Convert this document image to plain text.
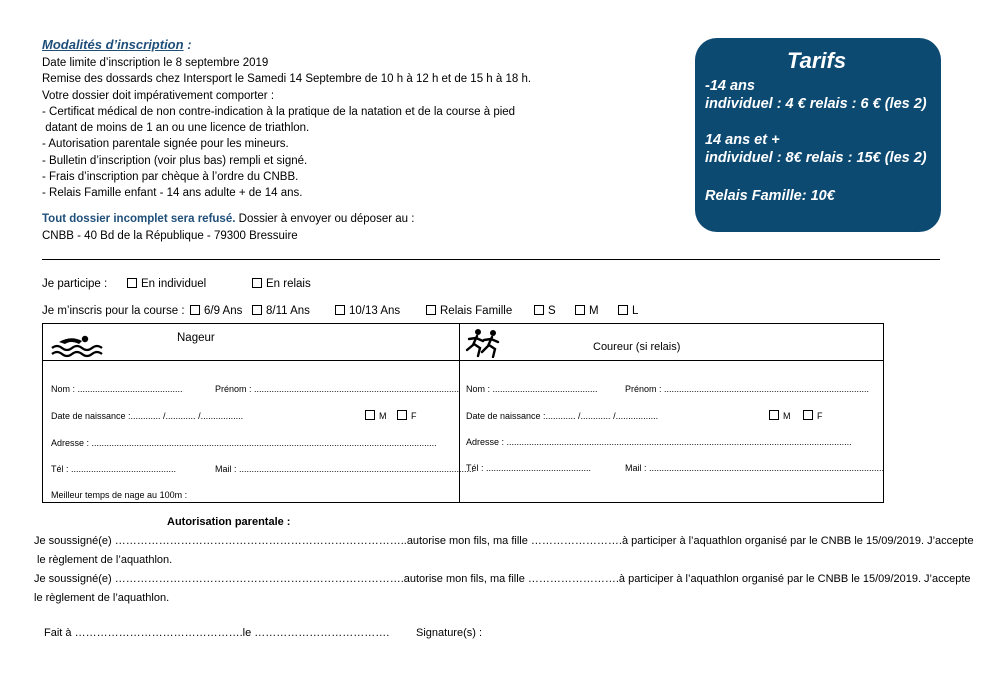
Modalités d’inscription :
Date limite d’inscription le 8 septembre 2019
Remise des dossards chez Intersport le Samedi 14 Septembre de 10 h à 12 h et de 15 h à 18 h.
Votre dossier doit impérativement comporter :
- Certificat médical de non contre-indication à la pratique de la natation et de la course à pied
datant de moins de 1 an ou une licence de triathlon.
- Autorisation parentale signée pour les mineurs.
- Bulletin d’inscription (voir plus bas) rempli et signé.
- Frais d’inscription par chèque à l’ordre du CNBB.
- Relais Famille enfant - 14 ans adulte + de 14 ans.
Tout dossier incomplet sera refusé. Dossier à envoyer ou déposer au :
CNBB - 40 Bd de la République - 79300 Bressuire
Tarifs
-14 ans
individuel : 4 € relais : 6 € (les 2)
14 ans et +
individuel : 8€ relais : 15€ (les 2)
Relais Famille: 10€
Je participe :	En individuel	En relais
Je m’inscris pour la course :	6/9 Ans	8/11 Ans	10/13 Ans	Relais Famille	S	M	L
Nageur
Coureur (si relais)
Nom : ..........................................	Prénom : ..................................................................................
Date de naissance :............ /............ /.................	M	F
Adresse : ..........................................................................................................................................
Tél : ..........................................	Mail : ..............................................................................................
Meilleur temps de nage au 100m :
Nom : ..........................................	Prénom : ..................................................................................
Date de naissance :............ /............ /.................	M	F
Adresse : ..........................................................................................................................................
Tél : ..........................................	Mail : ..............................................................................................
Autorisation parentale :
Je soussigné(e) ……………………………………………………………………..autorise mon fils, ma fille …………………….à participer à l’aquathlon organisé par le CNBB le 15/09/2019. J’accepte
le règlement de l’aquathlon.
Je soussigné(e) …………………………………………………………………….autorise mon fils, ma fille …………………….à participer à l’aquathlon organisé par le CNBB le 15/09/2019. J’accepte
le règlement de l’aquathlon.
Fait à ……………………………………….le ………………………………. Signature(s) :
